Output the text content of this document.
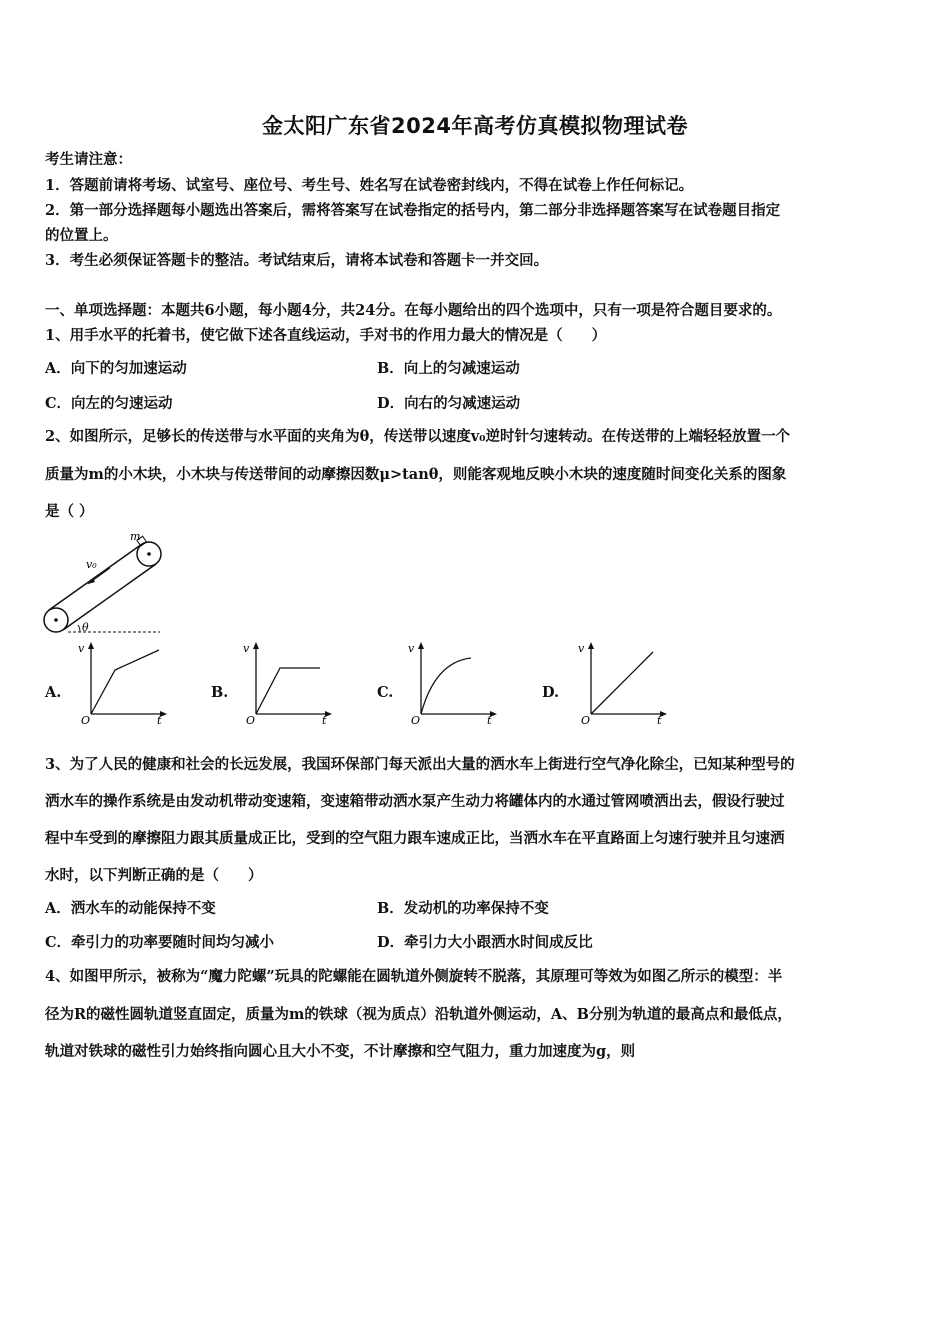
金太阳广东省2024年高考仿真模拟物理试卷
考生请注意：
1．答题前请将考场、试室号、座位号、考生号、姓名写在试卷密封线内，不得在试卷上作任何标记。
2．第一部分选择题每小题选出答案后，需将答案写在试卷指定的括号内，第二部分非选择题答案写在试卷题目指定
的位置上。
3．考生必须保证答题卡的整洁。考试结束后，请将本试卷和答题卡一并交回。
一、单项选择题：本题共6小题，每小题4分，共24分。在每小题给出的四个选项中，只有一项是符合题目要求的。
1、用手水平的托着书，使它做下述各直线运动，手对书的作用力最大的情况是（　　）
A．向下的匀加速运动	B．向上的匀减速运动
C．向左的匀速运动	D．向右的匀减速运动
2、如图所示，足够长的传送带与水平面的夹角为θ，传送带以速度v₀逆时针匀速转动。在传送带的上端轻轻放置一个
质量为m的小木块，小木块与传送带间的动摩擦因数μ>tanθ，则能客观地反映小木块的速度随时间变化关系的图象
是（ ）
v₀
m
θ
A.
v
O	t
B.
v
O	t
C.
v
O	t
D.
v
O	t
3、为了人民的健康和社会的长远发展，我国环保部门每天派出大量的洒水车上街进行空气净化除尘，已知某种型号的
洒水车的操作系统是由发动机带动变速箱，变速箱带动洒水泵产生动力将罐体内的水通过管网喷洒出去，假设行驶过
程中车受到的摩擦阻力跟其质量成正比，受到的空气阻力跟车速成正比，当洒水车在平直路面上匀速行驶并且匀速洒
水时，以下判断正确的是（　　）
A．洒水车的动能保持不变	B．发动机的功率保持不变
C．牵引力的功率要随时间均匀减小	D．牵引力大小跟洒水时间成反比
4、如图甲所示，被称为“魔力陀螺”玩具的陀螺能在圆轨道外侧旋转不脱落，其原理可等效为如图乙所示的模型：半
径为R的磁性圆轨道竖直固定，质量为m的铁球（视为质点）沿轨道外侧运动，A、B分别为轨道的最高点和最低点，
轨道对铁球的磁性引力始终指向圆心且大小不变，不计摩擦和空气阻力，重力加速度为g，则
